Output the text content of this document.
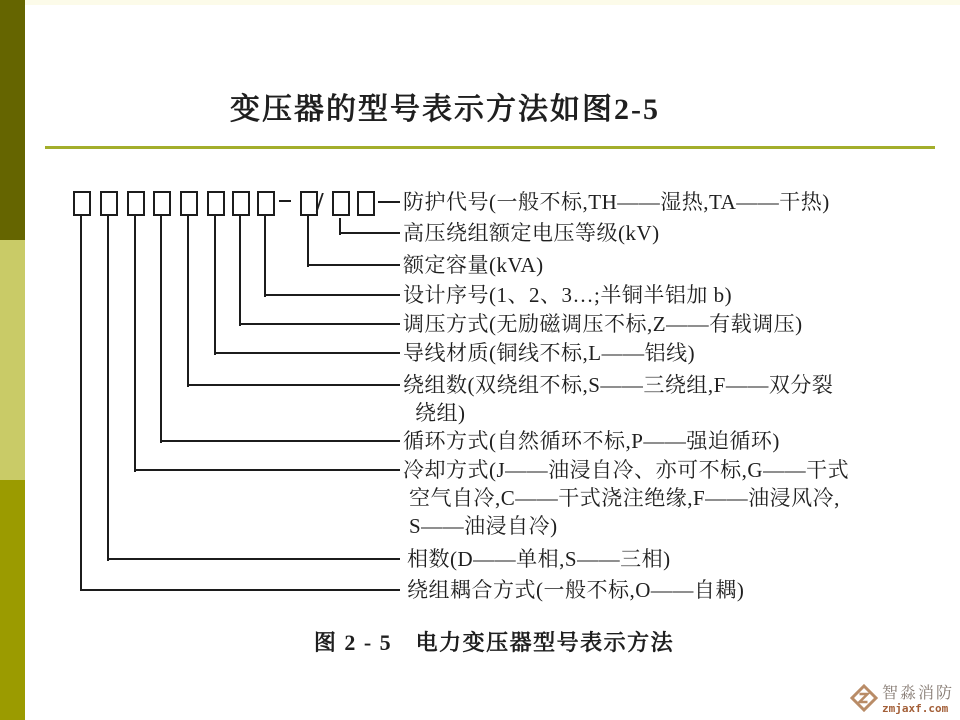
变压器的型号表示方法如图2-5
/	防护代号(一般不标,TH——湿热,TA——干热)
高压绕组额定电压等级(kV)
额定容量(kVA)
设计序号(1、2、3…;半铜半铝加 b)
调压方式(无励磁调压不标,Z——有载调压)
导线材质(铜线不标,L——铝线)
绕组数(双绕组不标,S——三绕组,F——双分裂
绕组)
循环方式(自然循环不标,P——强迫循环)
冷却方式(J——油浸自冷、亦可不标,G——干式
空气自冷,C——干式浇注绝缘,F——油浸风冷,
S——油浸自冷)
相数(D——单相,S——三相)
绕组耦合方式(一般不标,O——自耦)
图 2 - 5　电力变压器型号表示方法
智淼消防
zmjaxf.com
